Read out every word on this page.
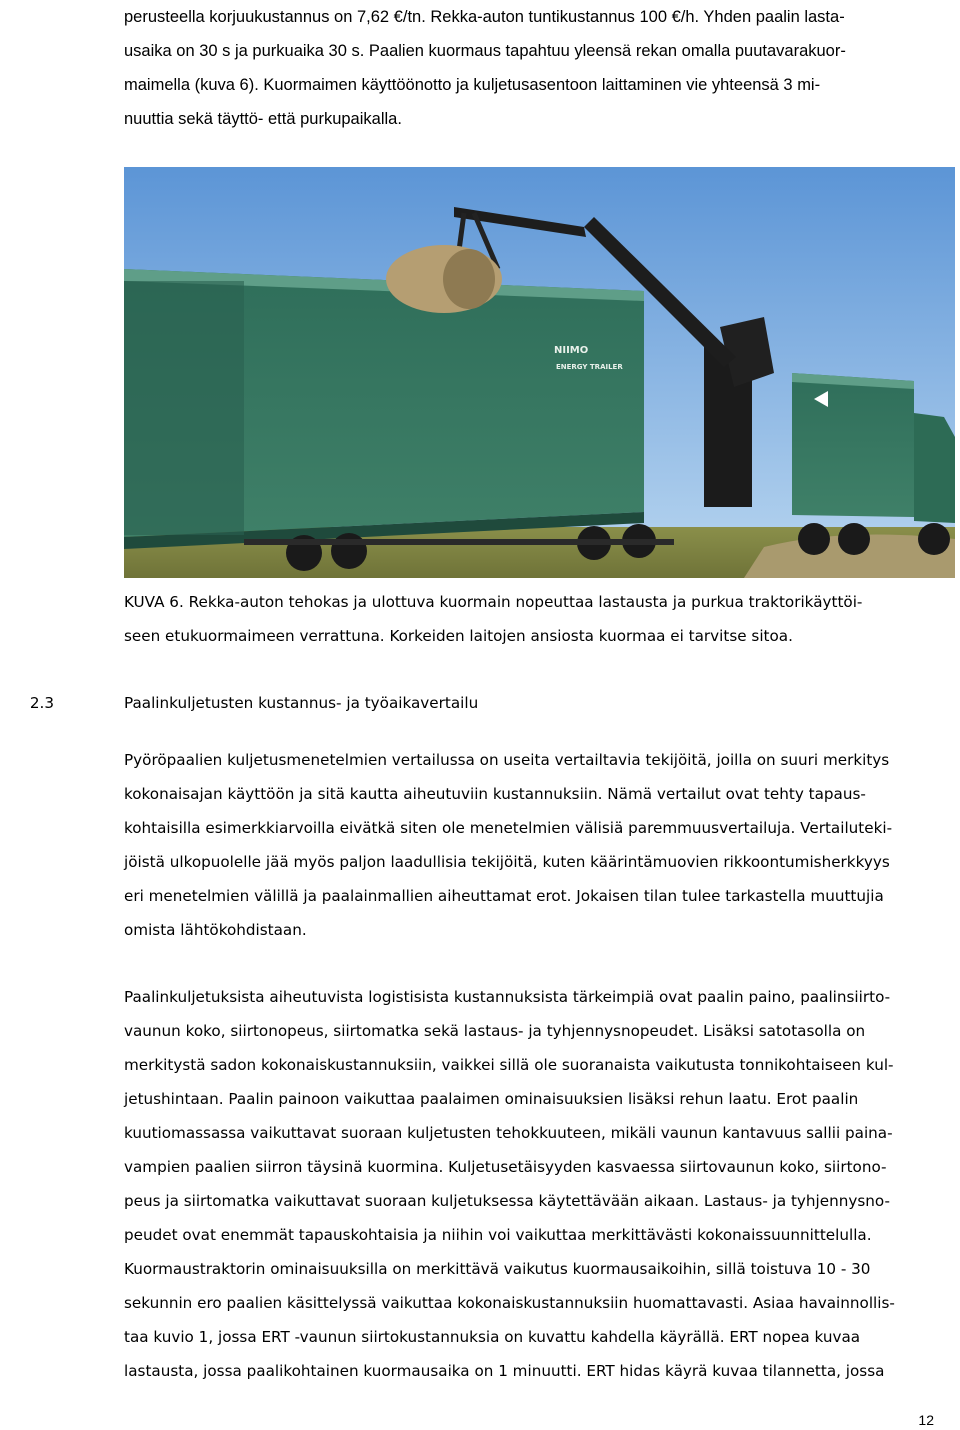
perusteella korjuukustannus on 7,62 €/tn. Rekka-auton tuntikustannus 100 €/h. Yhden paalin lasta-
usaika on 30 s ja purkuaika 30 s. Paalien kuormaus tapahtuu yleensä rekan omalla puutavarakuor-
maimella (kuva 6). Kuormaimen käyttöönotto ja kuljetusasentoon laittaminen vie yhteensä 3 mi-
nuuttia sekä täyttö- että purkupaikalla.
NIIMO
ENERGY TRAILER
KUVA 6. Rekka-auton tehokas ja ulottuva kuormain nopeuttaa lastausta ja purkua traktorikäyttöi-
seen etukuormaimeen verrattuna. Korkeiden laitojen ansiosta kuormaa ei tarvitse sitoa.
2.3	Paalinkuljetusten kustannus- ja työaikavertailu
Pyöröpaalien kuljetusmenetelmien vertailussa on useita vertailtavia tekijöitä, joilla on suuri merkitys
kokonaisajan käyttöön ja sitä kautta aiheutuviin kustannuksiin. Nämä vertailut ovat tehty tapaus-
kohtaisilla esimerkkiarvoilla eivätkä siten ole menetelmien välisiä paremmuusvertailuja. Vertailuteki-
jöistä ulkopuolelle jää myös paljon laadullisia tekijöitä, kuten käärintämuovien rikkoontumisherkkyys
eri menetelmien välillä ja paalainmallien aiheuttamat erot. Jokaisen tilan tulee tarkastella muuttujia
omista lähtökohdistaan.
Paalinkuljetuksista aiheutuvista logistisista kustannuksista tärkeimpiä ovat paalin paino, paalinsiirto-
vaunun koko, siirtonopeus, siirtomatka sekä lastaus- ja tyhjennysnopeudet. Lisäksi satotasolla on
merkitystä sadon kokonaiskustannuksiin, vaikkei sillä ole suoranaista vaikutusta tonnikohtaiseen kul-
jetushintaan. Paalin painoon vaikuttaa paalaimen ominaisuuksien lisäksi rehun laatu. Erot paalin
kuutiomassassa vaikuttavat suoraan kuljetusten tehokkuuteen, mikäli vaunun kantavuus sallii paina-
vampien paalien siirron täysinä kuormina. Kuljetusetäisyyden kasvaessa siirtovaunun koko, siirtono-
peus ja siirtomatka vaikuttavat suoraan kuljetuksessa käytettävään aikaan. Lastaus- ja tyhjennysno-
peudet ovat enemmät tapauskohtaisia ja niihin voi vaikuttaa merkittävästi kokonaissuunnittelulla.
Kuormaustraktorin ominaisuuksilla on merkittävä vaikutus kuormausaikoihin, sillä toistuva 10 - 30
sekunnin ero paalien käsittelyssä vaikuttaa kokonaiskustannuksiin huomattavasti. Asiaa havainnollis-
taa kuvio 1, jossa ERT -vaunun siirtokustannuksia on kuvattu kahdella käyrällä. ERT nopea kuvaa
lastausta, jossa paalikohtainen kuormausaika on 1 minuutti. ERT hidas käyrä kuvaa tilannetta, jossa
12
